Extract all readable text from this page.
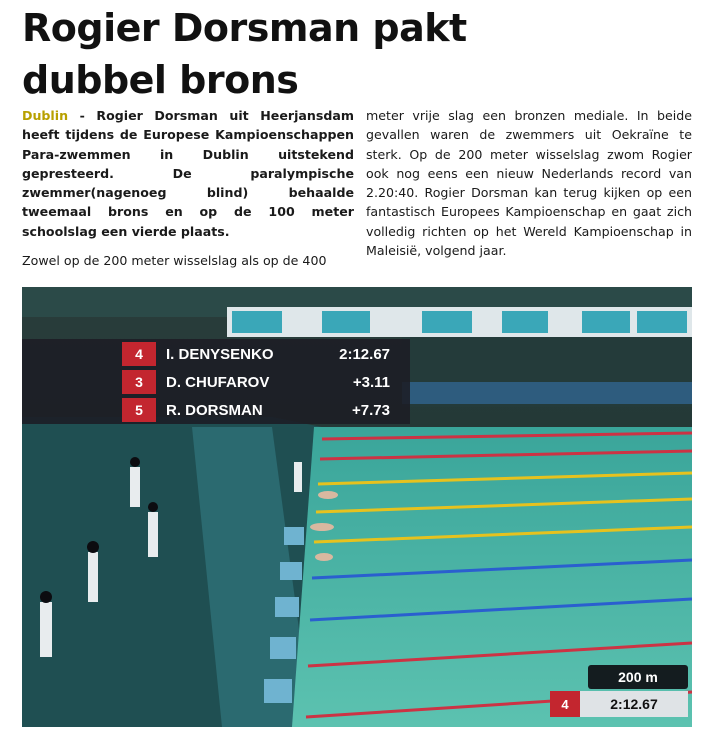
Rogier Dorsman pakt
dubbel brons

Dublin - Rogier Dorsman uit Heerjansdam heeft tijdens de Europese Kampioenschappen Para-zwemmen in Dublin uitstekend gepresteerd. De paralympische zwemmer(nagenoeg blind) behaalde tweemaal brons en op de 100 meter schoolslag een vierde plaats.

Zowel op de 200 meter wisselslag als op de 400

meter vrije slag een bronzen mediale. In beide gevallen waren de zwemmers uit Oekraïne te sterk. Op de 200 meter wisselslag zwom Rogier ook nog eens een nieuw Nederlands record van 2.20:40. Rogier Dorsman kan terug kijken op een fantastisch Europees Kampioenschap en gaat zich volledig richten op het Wereld Kampioenschap in Maleisië, volgend jaar.

4 I. DENYSENKO	2:12.67
3 D. CHUFAROV	+3.11
5 R. DORSMAN	+7.73
200 m
4	2:12.67
